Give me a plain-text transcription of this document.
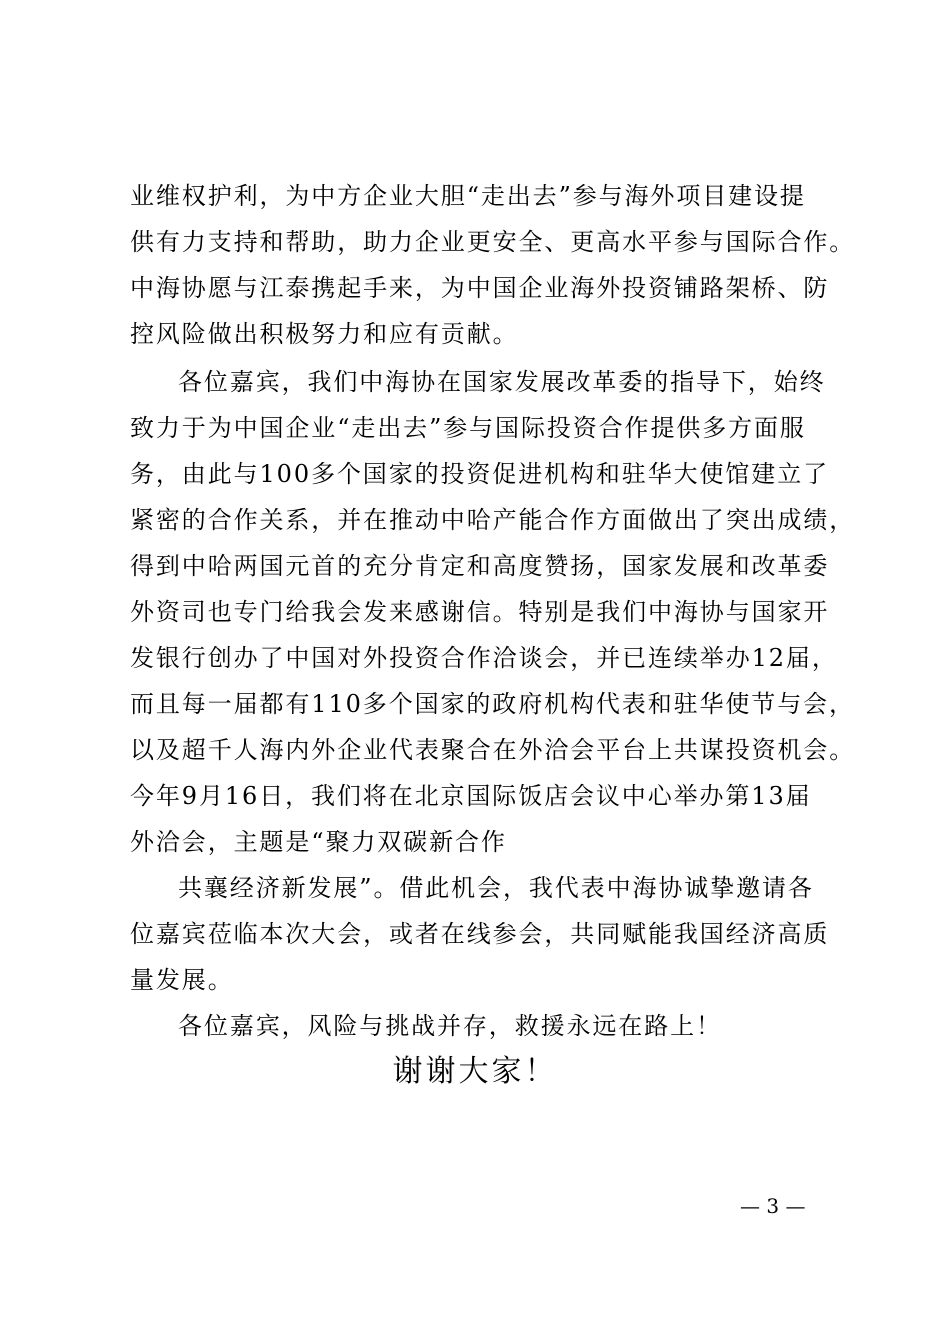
业维权护利，为中方企业大胆“走出去”参与海外项目建设提
供有力支持和帮助，助力企业更安全、更高水平参与国际合作。
中海协愿与江泰携起手来，为中国企业海外投资铺路架桥、防
控风险做出积极努力和应有贡献。
各位嘉宾，我们中海协在国家发展改革委的指导下，始终
致力于为中国企业“走出去”参与国际投资合作提供多方面服
务，由此与100多个国家的投资促进机构和驻华大使馆建立了
紧密的合作关系，并在推动中哈产能合作方面做出了突出成绩，
得到中哈两国元首的充分肯定和高度赞扬，国家发展和改革委
外资司也专门给我会发来感谢信。特别是我们中海协与国家开
发银行创办了中国对外投资合作洽谈会，并已连续举办12届，
而且每一届都有110多个国家的政府机构代表和驻华使节与会，
以及超千人海内外企业代表聚合在外洽会平台上共谋投资机会。
今年9月16日，我们将在北京国际饭店会议中心举办第13届
外洽会，主题是“聚力双碳新合作
共襄经济新发展”。借此机会，我代表中海协诚挚邀请各
位嘉宾莅临本次大会，或者在线参会，共同赋能我国经济高质
量发展。
各位嘉宾，风险与挑战并存，救援永远在路上！
谢谢大家！
— 3 —
